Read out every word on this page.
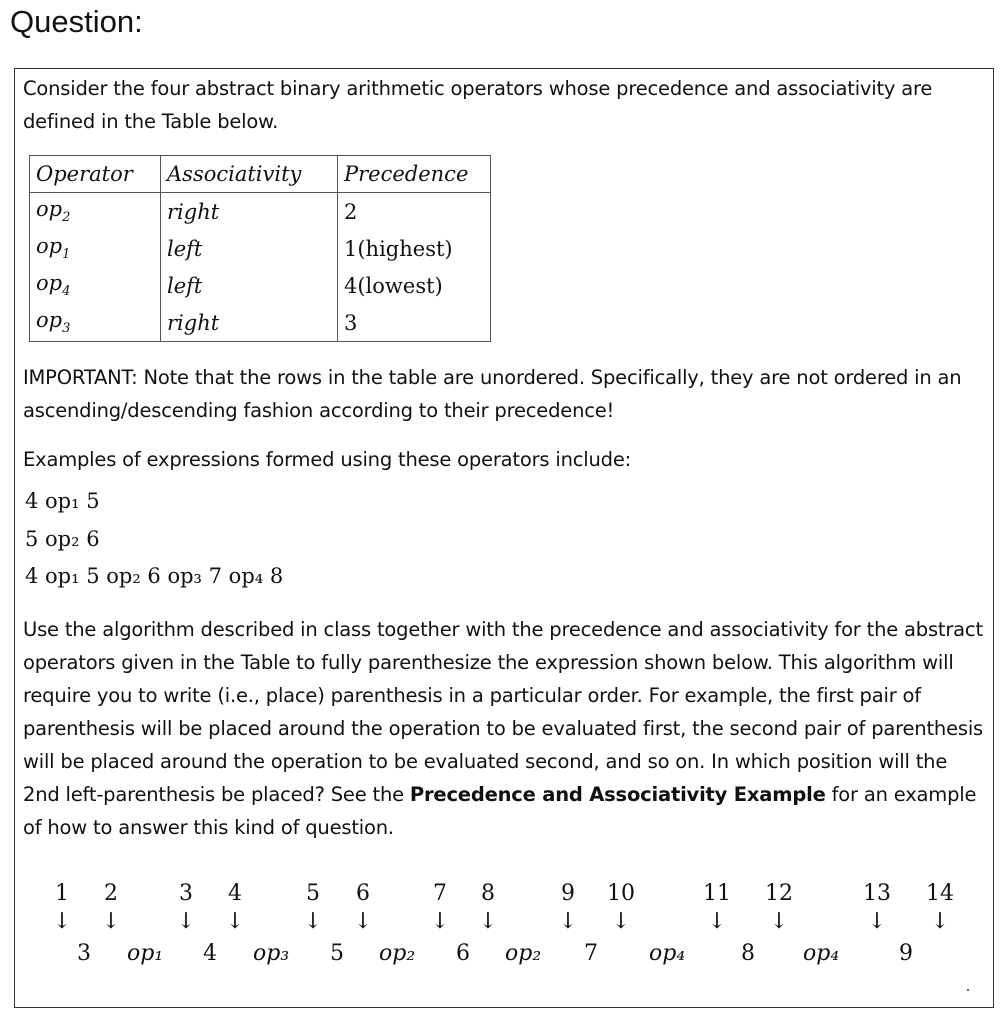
Question:
Consider the four abstract binary arithmetic operators whose precedence and associativity are defined in the Table below.
Operator	Associativity	Precedence
$op_2$	right	2
$op_1$	left	1(highest)
$op_4$	left	4(lowest)
$op_3$	right	3
IMPORTANT: Note that the rows in the table are unordered. Specifically, they are not ordered in an ascending/descending fashion according to their precedence!
Examples of expressions formed using these operators include:
4 op₁ 5
5 op₂ 6
4 op₁ 5 op₂ 6 op₃ 7 op₄ 8
Use the algorithm described in class together with the precedence and associativity for the abstract operators given in the Table to fully parenthesize the expression shown below. This algorithm will require you to write (i.e., place) parenthesis in a particular order. For example, the first pair of parenthesis will be placed around the operation to be evaluated first, the second pair of parenthesis will be placed around the operation to be evaluated second, and so on. In which position will the 2nd left-parenthesis be placed? See the Precedence and Associativity Example for an example of how to answer this kind of question.
1	2	3	4	5	6	7	8	9	10	11 12	13 14
↓	↓	↓	↓	↓	↓	↓	↓	↓	↓	↓	↓	↓	↓
3 op₁ 4 op₃ 5 op₂ 6 op₂ 7 op₄	8 op₄	9
